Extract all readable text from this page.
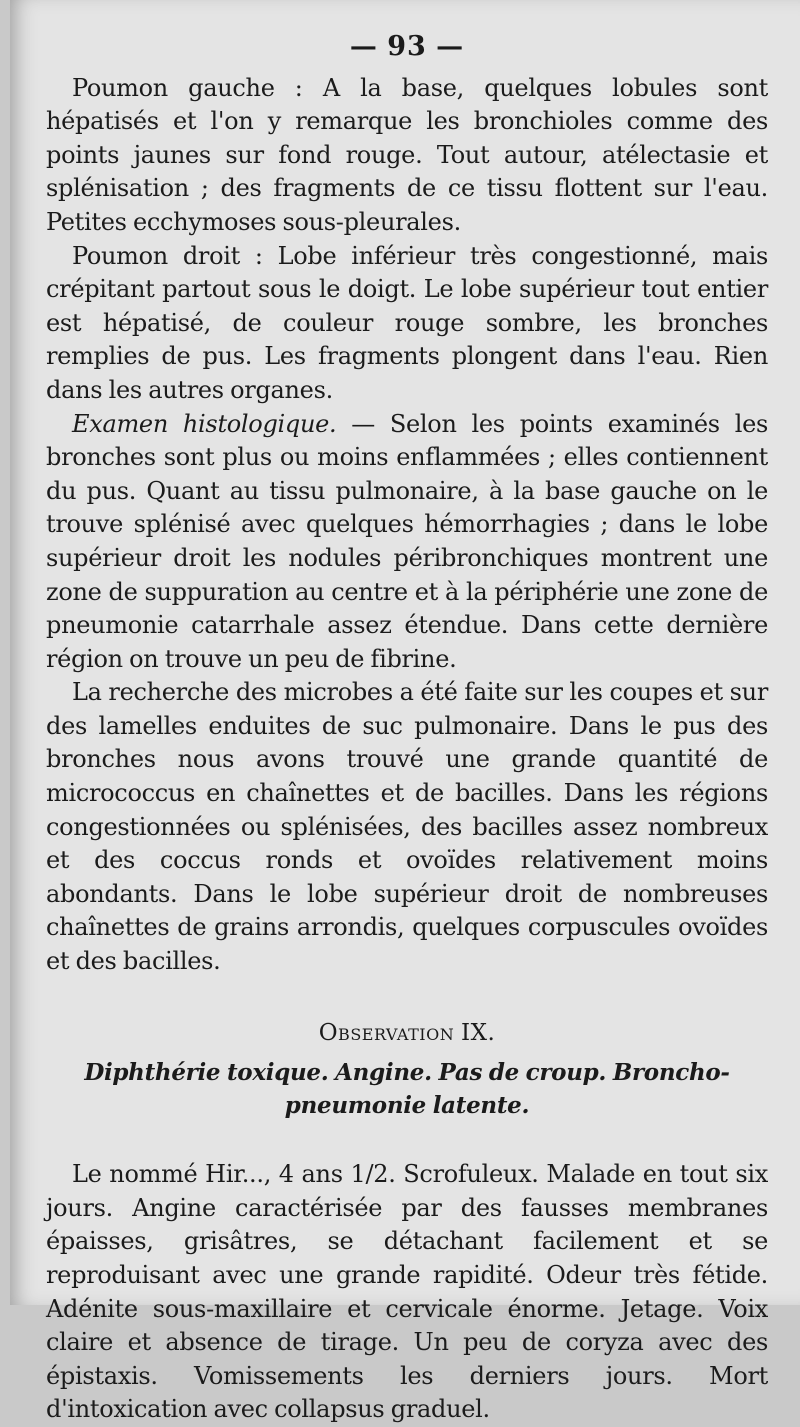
— 93 —

Poumon gauche : A la base, quelques lobules sont hépatisés et l'on y remarque les bronchioles comme des points jaunes sur fond rouge. Tout autour, atélectasie et splénisation ; des fragments de ce tissu flottent sur l'eau. Petites ecchymoses sous-pleurales.

Poumon droit : Lobe inférieur très congestionné, mais crépitant partout sous le doigt. Le lobe supérieur tout entier est hépatisé, de couleur rouge sombre, les bronches remplies de pus. Les fragments plongent dans l'eau. Rien dans les autres organes.

Examen histologique. — Selon les points examinés les bronches sont plus ou moins enflammées ; elles contiennent du pus. Quant au tissu pulmonaire, à la base gauche on le trouve splénisé avec quelques hémorrhagies ; dans le lobe supérieur droit les nodules péribronchiques montrent une zone de suppuration au centre et à la périphérie une zone de pneumonie catarrhale assez étendue. Dans cette dernière région on trouve un peu de fibrine.

La recherche des microbes a été faite sur les coupes et sur des lamelles enduites de suc pulmonaire. Dans le pus des bronches nous avons trouvé une grande quantité de micrococcus en chaînettes et de bacilles. Dans les régions congestionnées ou splénisées, des bacilles assez nombreux et des coccus ronds et ovoïdes relativement moins abondants. Dans le lobe supérieur droit de nombreuses chaînettes de grains arrondis, quelques corpuscules ovoïdes et des bacilles.

Observation IX.

Diphthérie toxique. Angine. Pas de croup. Broncho-pneumonie latente.

Le nommé Hir..., 4 ans 1/2. Scrofuleux. Malade en tout six jours. Angine caractérisée par des fausses membranes épaisses, grisâtres, se détachant facilement et se reproduisant avec une grande rapidité. Odeur très fétide. Adénite sous-maxillaire et cervicale énorme. Jetage. Voix claire et absence de tirage. Un peu de coryza avec des épistaxis. Vomissements les derniers jours. Mort d'intoxication avec collapsus graduel.
